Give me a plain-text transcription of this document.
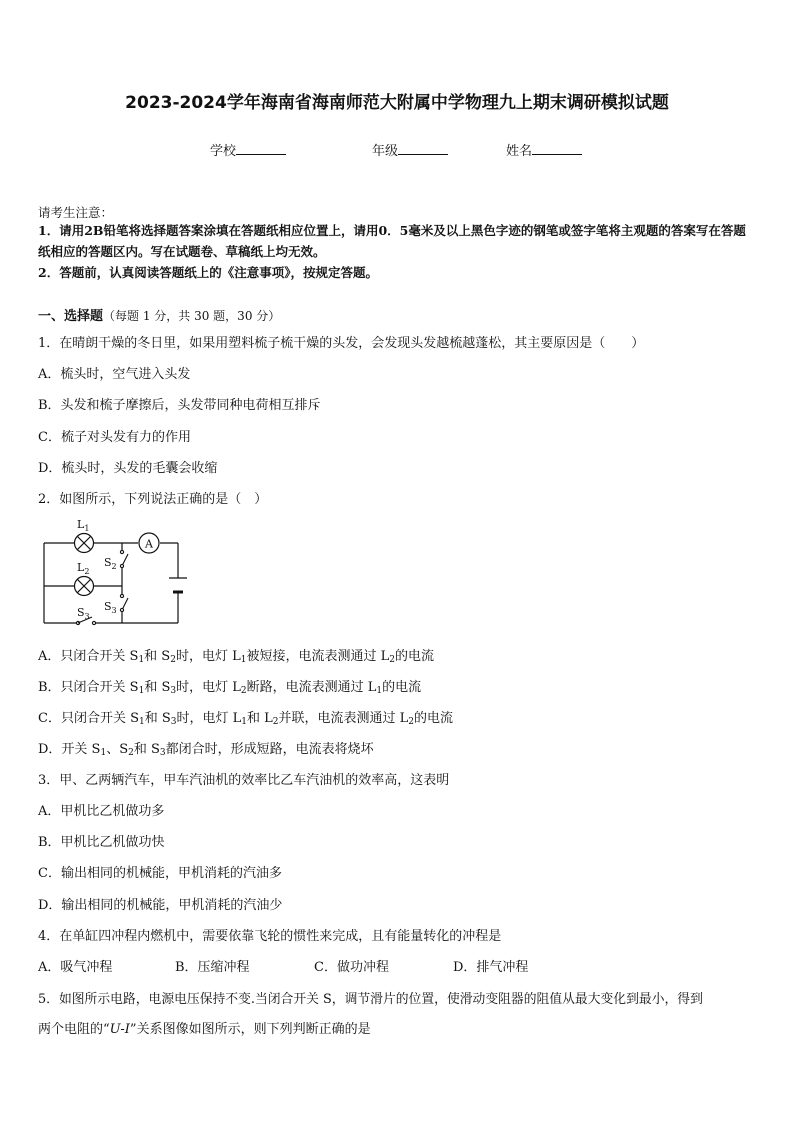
2023-2024学年海南省海南师范大附属中学物理九上期末调研模拟试题
学校	年级	姓名
请考生注意：
1．请用2B铅笔将选择题答案涂填在答题纸相应位置上，请用0．5毫米及以上黑色字迹的钢笔或签字笔将主观题的答案写在答题纸相应的答题区内。写在试题卷、草稿纸上均无效。
2．答题前，认真阅读答题纸上的《注意事项》，按规定答题。
一、选择题（每题 1 分，共 30 题，30 分）
1．在晴朗干燥的冬日里，如果用塑料梳子梳干燥的头发，会发现头发越梳越蓬松，其主要原因是（　　）
A．梳头时，空气进入头发
B．头发和梳子摩擦后，头发带同种电荷相互排斥
C．梳子对头发有力的作用
D．梳头时，头发的毛囊会收缩
2．如图所示，下列说法正确的是（　）
A
$L_1$
$L_2$
$S_2$
$S_3$
$S_3$
A．只闭合开关 $S_1$和 $S_2$时，电灯 $L_1$被短接，电流表测通过 $L_2$的电流
B．只闭合开关 $S_1$和 $S_3$时，电灯 $L_2$断路，电流表测通过 $L_1$的电流
C．只闭合开关 $S_1$和 $S_3$时，电灯 $L_1$和 $L_2$并联，电流表测通过 $L_2$的电流
D．开关 $S_1$、$S_2$和 $S_3$都闭合时，形成短路，电流表将烧坏
3．甲、乙两辆汽车，甲车汽油机的效率比乙车汽油机的效率高，这表明
A．甲机比乙机做功多
B．甲机比乙机做功快
C．输出相同的机械能，甲机消耗的汽油多
D．输出相同的机械能，甲机消耗的汽油少
4．在单缸四冲程内燃机中，需要依靠飞轮的惯性来完成，且有能量转化的冲程是
A．吸气冲程	B．压缩冲程	C．做功冲程	D．排气冲程
5．如图所示电路，电源电压保持不变.当闭合开关 S，调节滑片的位置，使滑动变阻器的阻值从最大变化到最小，得到
两个电阻的“U-I”关系图像如图所示，则下列判断正确的是
